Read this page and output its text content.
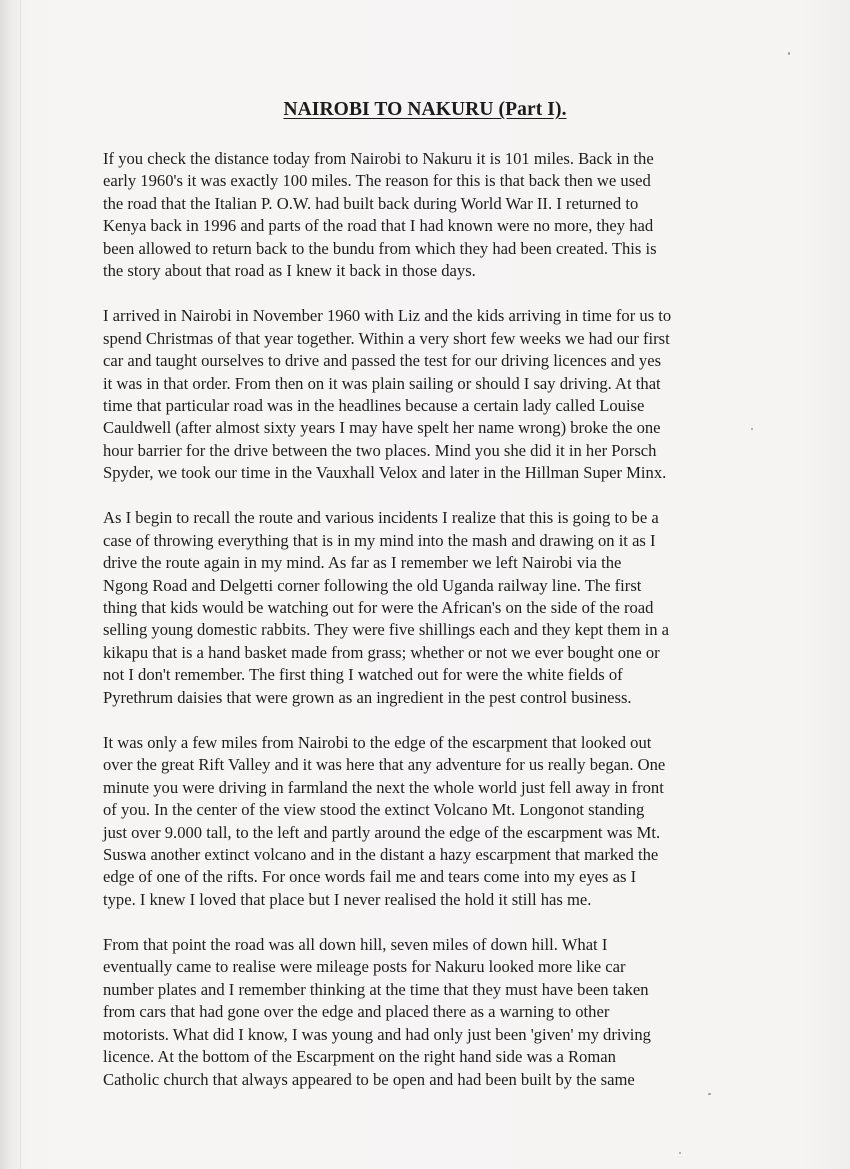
NAIROBI TO NAKURU (Part I).
If you check the distance today from Nairobi to Nakuru it is 101 miles. Back in the
early 1960's it was exactly 100 miles. The reason for this is that back then we used
the road that the Italian P. O.W. had built back during World War II. I returned to
Kenya back in 1996 and parts of the road that I had known were no more, they had
been allowed to return back to the bundu from which they had been created. This is
the story about that road as I knew it back in those days.
I arrived in Nairobi in November 1960 with Liz and the kids arriving in time for us to
spend Christmas of that year together. Within a very short few weeks we had our first
car and taught ourselves to drive and passed the test for our driving licences and yes
it was in that order. From then on it was plain sailing or should I say driving. At that
time that particular road was in the headlines because a certain lady called Louise
Cauldwell (after almost sixty years I may have spelt her name wrong) broke the one
hour barrier for the drive between the two places. Mind you she did it in her Porsch
Spyder, we took our time in the Vauxhall Velox and later in the Hillman Super Minx.
As I begin to recall the route and various incidents I realize that this is going to be a
case of throwing everything that is in my mind into the mash and drawing on it as I
drive the route again in my mind. As far as I remember we left Nairobi via the
Ngong Road and Delgetti corner following the old Uganda railway line. The first
thing that kids would be watching out for were the African's on the side of the road
selling young domestic rabbits. They were five shillings each and they kept them in a
kikapu that is a hand basket made from grass; whether or not we ever bought one or
not I don't remember. The first thing I watched out for were the white fields of
Pyrethrum daisies that were grown as an ingredient in the pest control business.
It was only a few miles from Nairobi to the edge of the escarpment that looked out
over the great Rift Valley and it was here that any adventure for us really began. One
minute you were driving in farmland the next the whole world just fell away in front
of you. In the center of the view stood the extinct Volcano Mt. Longonot standing
just over 9.000 tall, to the left and partly around the edge of the escarpment was Mt.
Suswa another extinct volcano and in the distant a hazy escarpment that marked the
edge of one of the rifts. For once words fail me and tears come into my eyes as I
type. I knew I loved that place but I never realised the hold it still has me.
From that point the road was all down hill, seven miles of down hill. What I
eventually came to realise were mileage posts for Nakuru looked more like car
number plates and I remember thinking at the time that they must have been taken
from cars that had gone over the edge and placed there as a warning to other
motorists. What did I know, I was young and had only just been 'given' my driving
licence. At the bottom of the Escarpment on the right hand side was a Roman
Catholic church that always appeared to be open and had been built by the same
